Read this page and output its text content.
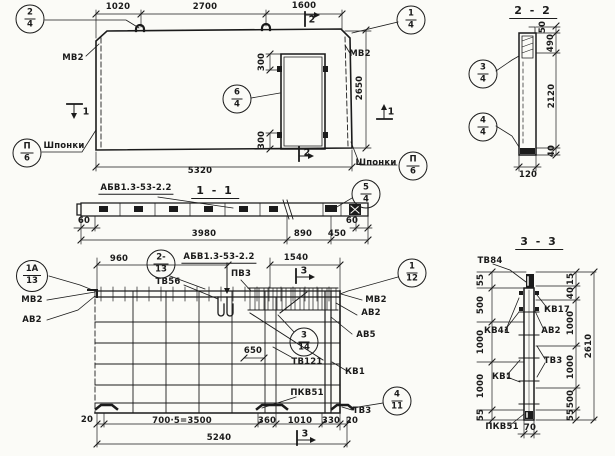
1020	2700	1600
2650
5320
300
300
МВ2	МВ2
Шпонки
Шпонки
2
2
1	1
2
4
1
4
6
4
П
6	П
6
2 - 2
50
490
2120
40
120
3
4
4
4
АБВ1.3-53-2.2	1 - 1
60	60
3980	890 450
5
4
АБВ1.3-53-2.2
960	1540
ТВ56
ПВ3
МВ2
АВ2
МВ2
АВ2
АВ5
650
ТВ121
КВ1
ПКВ51
ТВ3
20	700·5=3500	360 1010 330 20
5240
3
3
1А
13
2-
13	1
12
3
14
4
11
3 - 3
ТВ84
КВ41
КВ1
ПКВ51
КВ17
АВ2
ТВ3
55
500
1000
1000
55
15
40
1000
1000
500
55
2610
70
